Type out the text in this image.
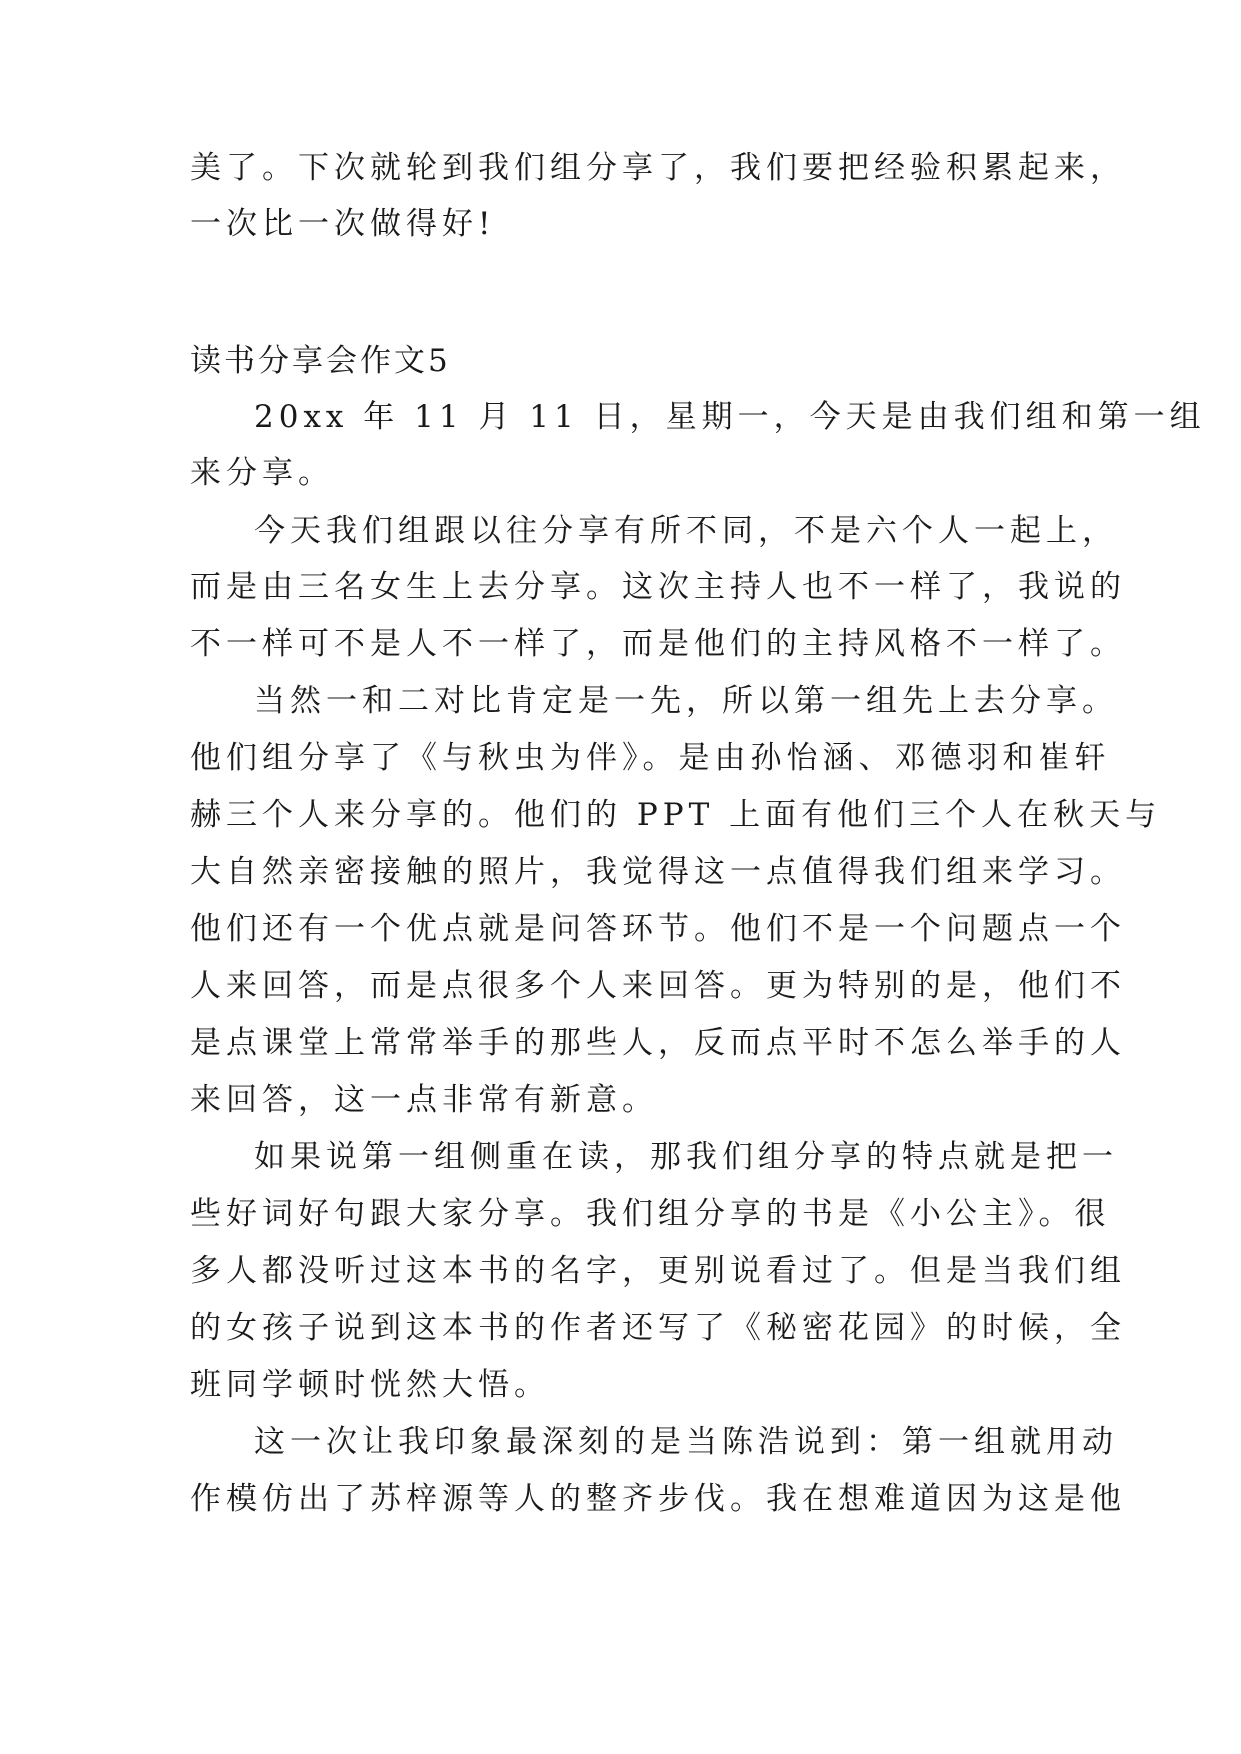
美了。下次就轮到我们组分享了，我们要把经验积累起来，
一次比一次做得好!
读书分享会作文5
20xx 年 11 月 11 日，星期一，今天是由我们组和第一组
来分享。
今天我们组跟以往分享有所不同，不是六个人一起上，
而是由三名女生上去分享。这次主持人也不一样了，我说的
不一样可不是人不一样了，而是他们的主持风格不一样了。
当然一和二对比肯定是一先，所以第一组先上去分享。
他们组分享了《与秋虫为伴》。是由孙怡涵、邓德羽和崔轩
赫三个人来分享的。他们的 PPT 上面有他们三个人在秋天与
大自然亲密接触的照片，我觉得这一点值得我们组来学习。
他们还有一个优点就是问答环节。他们不是一个问题点一个
人来回答，而是点很多个人来回答。更为特别的是，他们不
是点课堂上常常举手的那些人，反而点平时不怎么举手的人
来回答，这一点非常有新意。
如果说第一组侧重在读，那我们组分享的特点就是把一
些好词好句跟大家分享。我们组分享的书是《小公主》。很
多人都没听过这本书的名字，更别说看过了。但是当我们组
的女孩子说到这本书的作者还写了《秘密花园》的时候，全
班同学顿时恍然大悟。
这一次让我印象最深刻的是当陈浩说到：第一组就用动
作模仿出了苏梓源等人的整齐步伐。我在想难道因为这是他
